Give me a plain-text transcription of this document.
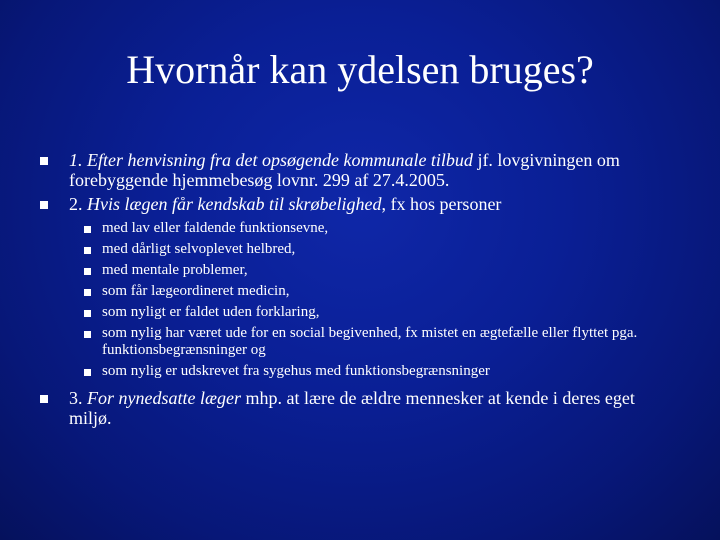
Hvornår kan ydelsen bruges?
1. Efter henvisning fra det opsøgende kommunale tilbud jf. lovgivningen om forebyggende hjemmebesøg lovnr. 299 af 27.4.2005.
2. Hvis lægen får kendskab til skrøbelighed, fx hos personer
med lav eller faldende funktionsevne,
med dårligt selvoplevet helbred,
med mentale problemer,
som får lægeordineret medicin,
som nyligt er faldet uden forklaring,
som nylig har været ude for en social begivenhed, fx mistet en ægtefælle eller flyttet pga. funktionsbegrænsninger og
som nylig er udskrevet fra sygehus med funktionsbegrænsninger
3. For nynedsatte læger mhp. at lære de ældre mennesker at kende i deres eget miljø.
